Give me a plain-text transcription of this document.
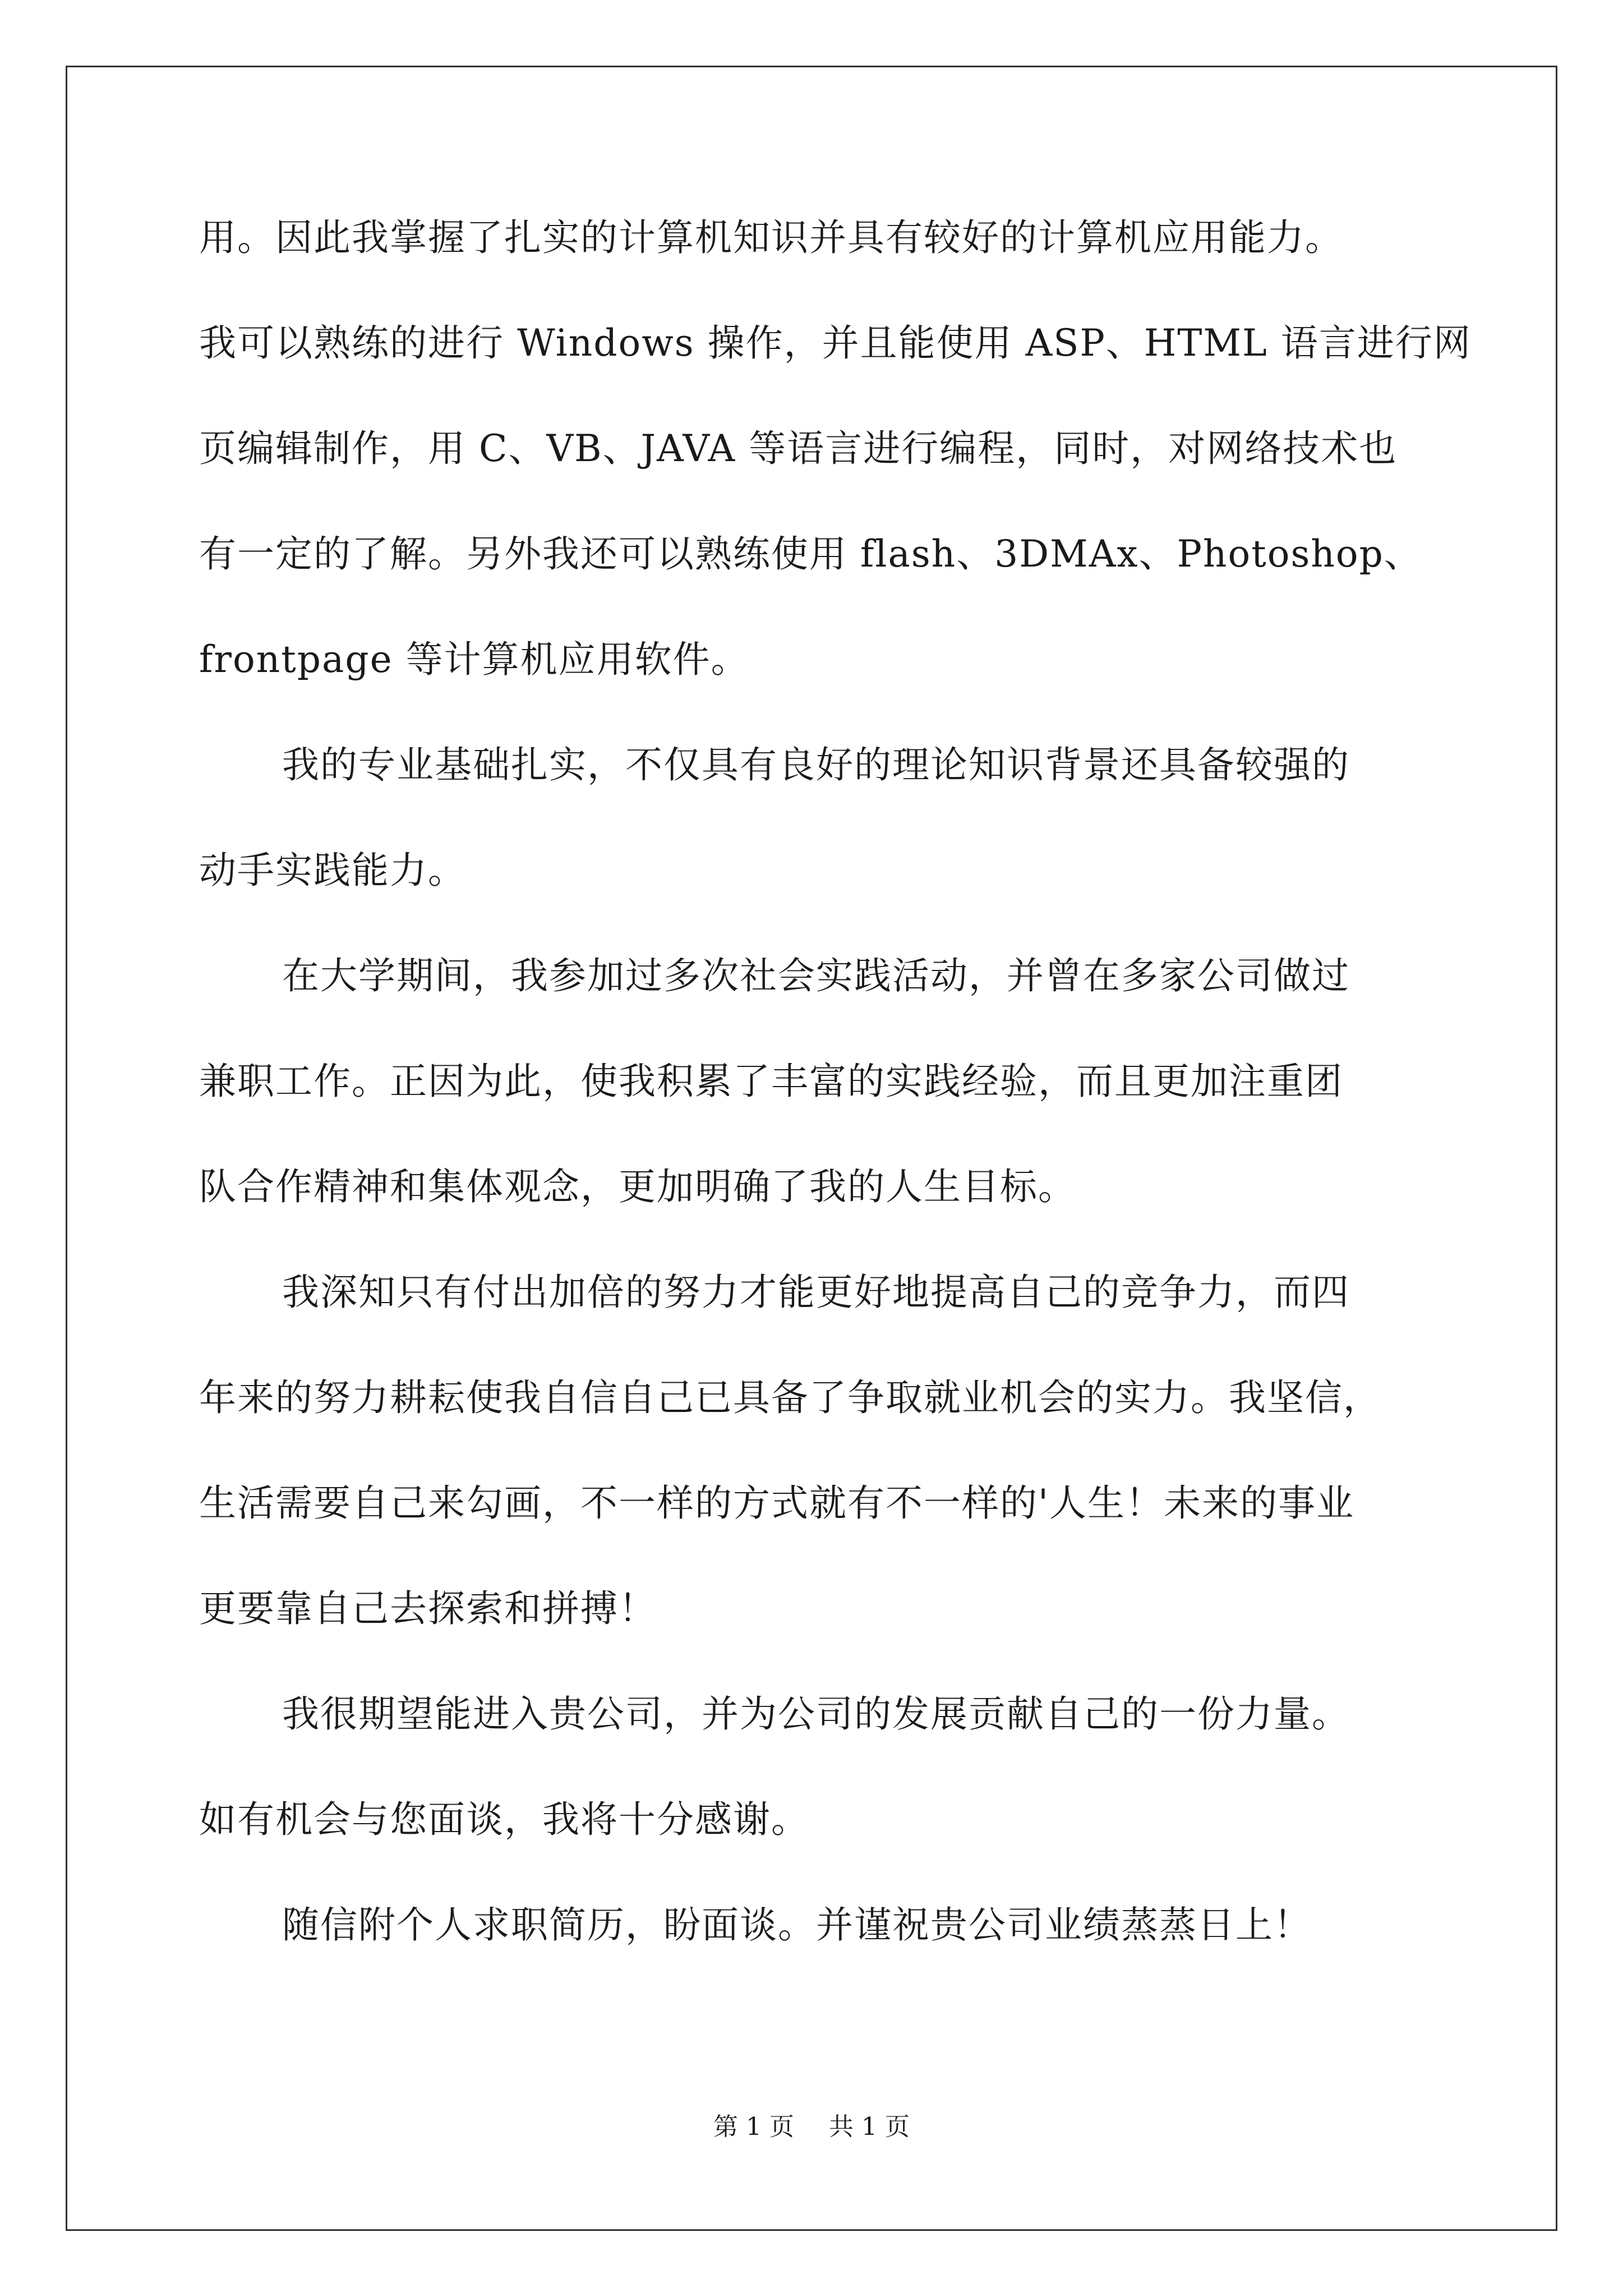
用。因此我掌握了扎实的计算机知识并具有较好的计算机应用能力。
我可以熟练的进行 Windows 操作，并且能使用 ASP、HTML 语言进行网
页编辑制作，用 C、VB、JAVA 等语言进行编程，同时，对网络技术也
有一定的了解。另外我还可以熟练使用 flash、3DMAx、Photoshop、
frontpage 等计算机应用软件。
我的专业基础扎实，不仅具有良好的理论知识背景还具备较强的
动手实践能力。
在大学期间，我参加过多次社会实践活动，并曾在多家公司做过
兼职工作。正因为此，使我积累了丰富的实践经验，而且更加注重团
队合作精神和集体观念，更加明确了我的人生目标。
我深知只有付出加倍的努力才能更好地提高自己的竞争力，而四
年来的努力耕耘使我自信自己已具备了争取就业机会的实力。我坚信，
生活需要自己来勾画，不一样的方式就有不一样的'人生！未来的事业
更要靠自己去探索和拼搏！
我很期望能进入贵公司，并为公司的发展贡献自己的一份力量。
如有机会与您面谈，我将十分感谢。
随信附个人求职简历，盼面谈。并谨祝贵公司业绩蒸蒸日上！
第 1 页 共 1 页
